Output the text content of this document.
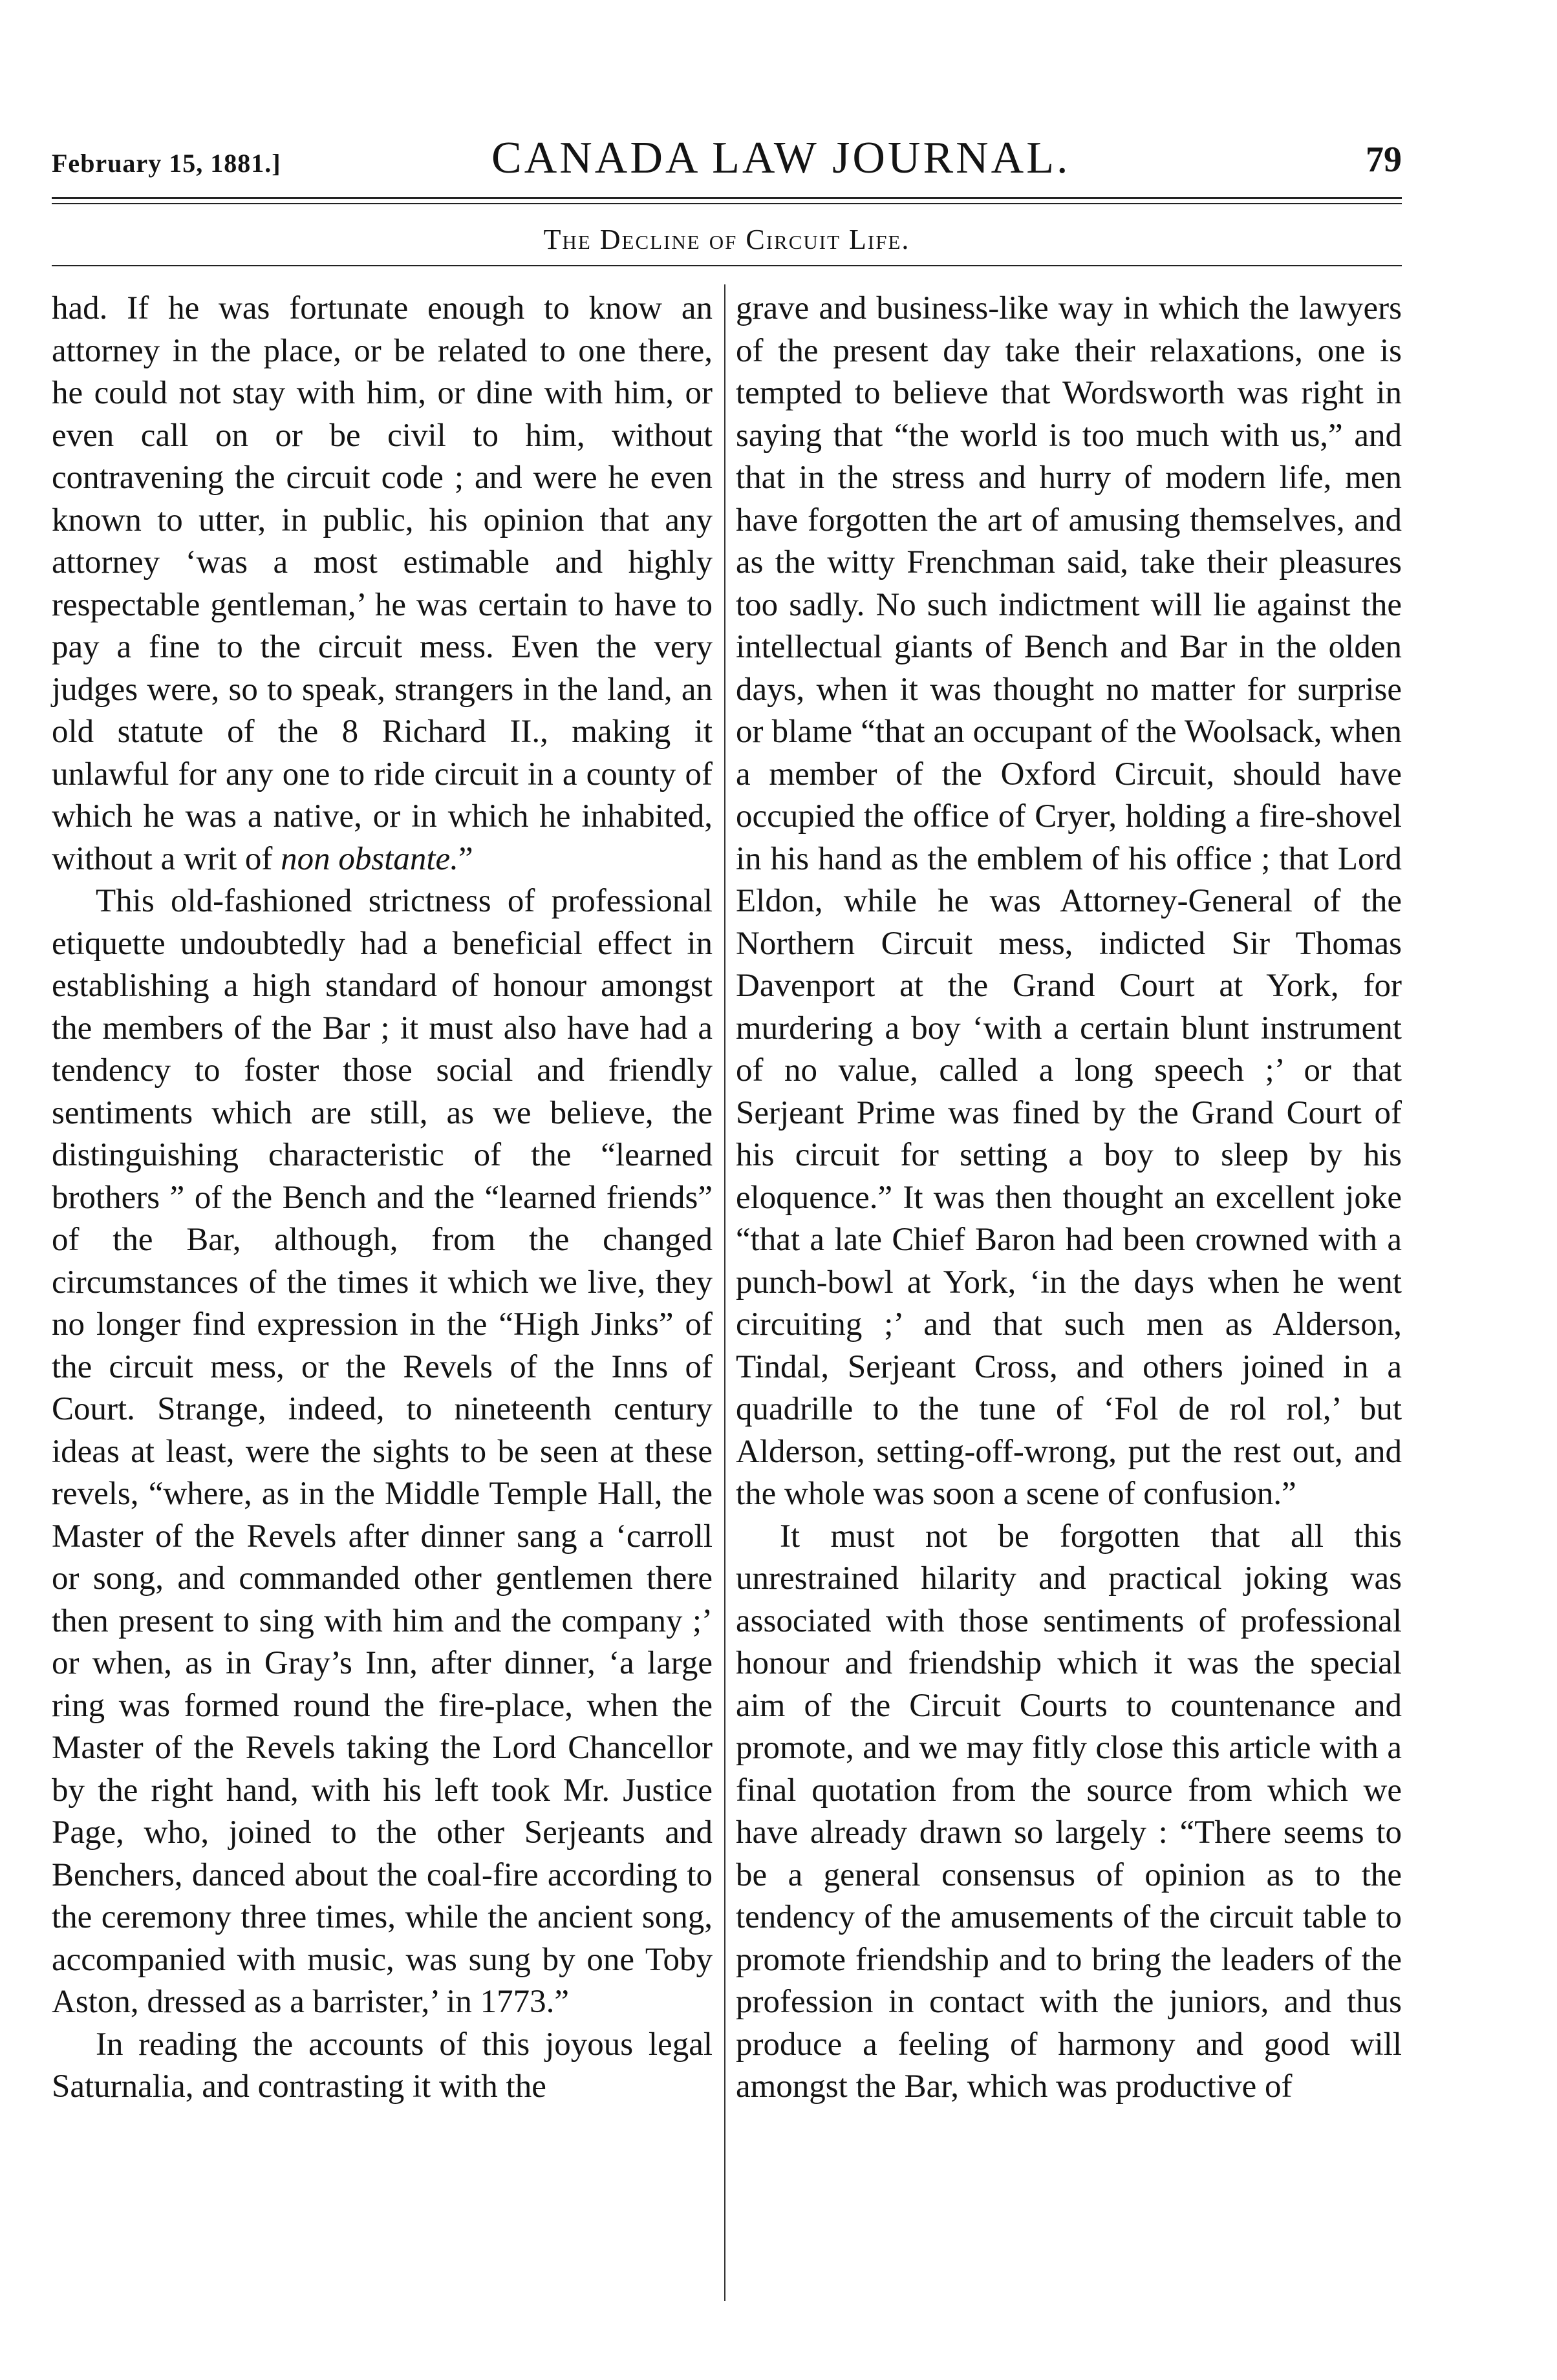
February 15, 1881.]	CANADA LAW JOURNAL.	79
The Decline of Circuit Life.

had. If he was fortunate enough to know an attorney in the place, or be related to one there, he could not stay with him, or dine with him, or even call on or be civil to him, without contravening the circuit code ; and were he even known to utter, in public, his opinion that any attorney ‘was a most estimable and highly respectable gentleman,’ he was certain to have to pay a fine to the circuit mess. Even the very judges were, so to speak, strangers in the land, an old statute of the 8 Richard II., making it unlawful for any one to ride circuit in a county of which he was a native, or in which he inhabited, without a writ of non obstante.”

This old-fashioned strictness of professional etiquette undoubtedly had a beneficial effect in establishing a high standard of honour amongst the members of the Bar ; it must also have had a tendency to foster those social and friendly sentiments which are still, as we believe, the distinguishing characteristic of the “learned brothers ” of the Bench and the “learned friends” of the Bar, although, from the changed circumstances of the times it which we live, they no longer find expression in the “High Jinks” of the circuit mess, or the Revels of the Inns of Court. Strange, indeed, to nineteenth century ideas at least, were the sights to be seen at these revels, “where, as in the Middle Temple Hall, the Master of the Revels after dinner sang a ‘carroll or song, and commanded other gentlemen there then present to sing with him and the company ;’ or when, as in Gray’s Inn, after dinner, ‘a large ring was formed round the fire-place, when the Master of the Revels taking the Lord Chancellor by the right hand, with his left took Mr. Justice Page, who, joined to the other Serjeants and Benchers, danced about the coal-fire according to the ceremony three times, while the ancient song, accompanied with music, was sung by one Toby Aston, dressed as a barrister,’ in 1773.”

In reading the accounts of this joyous legal Saturnalia, and contrasting it with the

grave and business-like way in which the lawyers of the present day take their relaxations, one is tempted to believe that Wordsworth was right in saying that “the world is too much with us,” and that in the stress and hurry of modern life, men have forgotten the art of amusing themselves, and as the witty Frenchman said, take their pleasures too sadly. No such indictment will lie against the intellectual giants of Bench and Bar in the olden days, when it was thought no matter for surprise or blame “that an occupant of the Woolsack, when a member of the Oxford Circuit, should have occupied the office of Cryer, holding a fire-shovel in his hand as the emblem of his office ; that Lord Eldon, while he was Attorney-General of the Northern Circuit mess, indicted Sir Thomas Davenport at the Grand Court at York, for murdering a boy ‘with a certain blunt instrument of no value, called a long speech ;’ or that Serjeant Prime was fined by the Grand Court of his circuit for setting a boy to sleep by his eloquence.” It was then thought an excellent joke “that a late Chief Baron had been crowned with a punch-bowl at York, ‘in the days when he went circuiting ;’ and that such men as Alderson, Tindal, Serjeant Cross, and others joined in a quadrille to the tune of ‘Fol de rol rol,’ but Alderson, setting-off-wrong, put the rest out, and the whole was soon a scene of confusion.”

It must not be forgotten that all this unrestrained hilarity and practical joking was associated with those sentiments of professional honour and friendship which it was the special aim of the Circuit Courts to countenance and promote, and we may fitly close this article with a final quotation from the source from which we have already drawn so largely : “There seems to be a general consensus of opinion as to the tendency of the amusements of the circuit table to promote friendship and to bring the leaders of the profession in contact with the juniors, and thus produce a feeling of harmony and good will amongst the Bar, which was productive of
